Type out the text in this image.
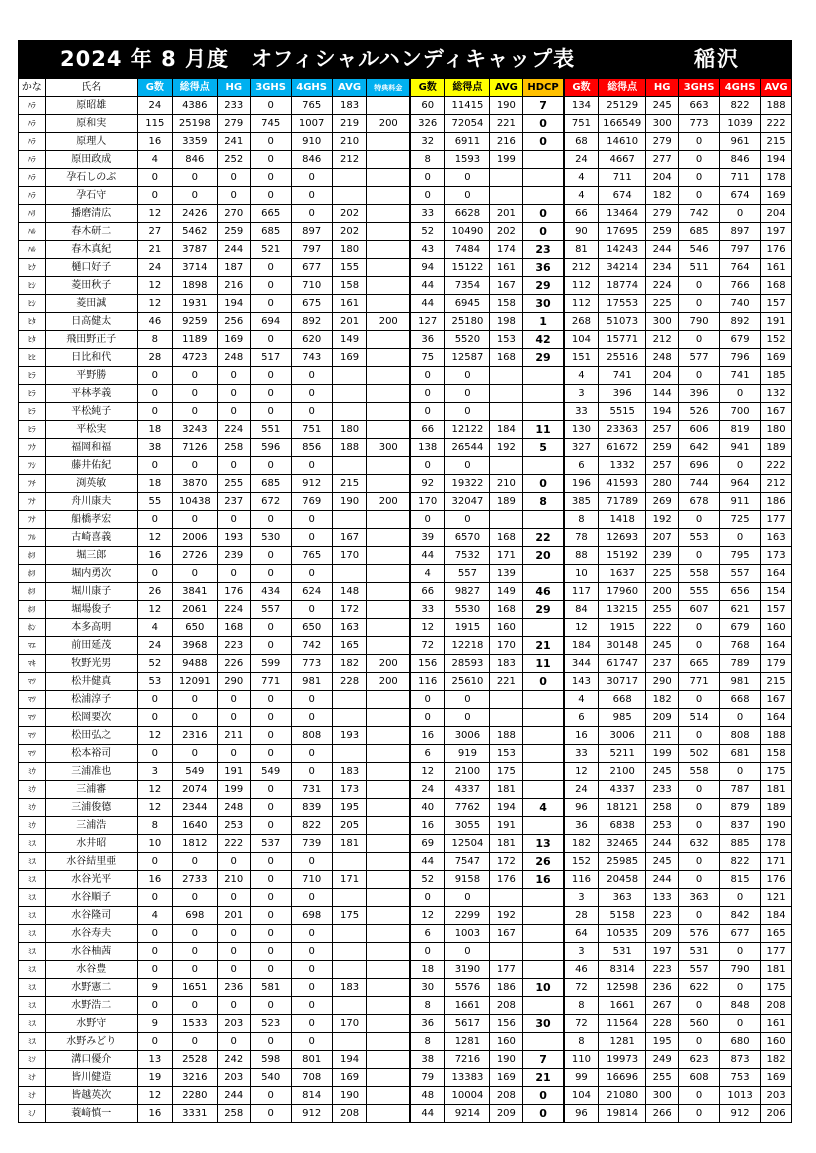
2024 年 8 月度　オフィシャルハンディキャップ表	稲沢
かな	氏名	G数	総得点	HG	3GHS	4GHS	AVG	特典料金	G数	総得点	AVG	HDCP	G数	総得点	HG	3GHS	4GHS	AVG
ﾊﾗ	原昭雄	24	4386	233	0	765	183		60	11415	190	7	134	25129	245	663	822	188
ﾊﾗ	原和実	115	25198	279	745	1007	219	200	326	72054	221	0	751	166549	300	773	1039	222
ﾊﾗ	原理人	16	3359	241	0	910	210		32	6911	216	0	68	14610	279	0	961	215
ﾊﾗ	原田政成	4	846	252	0	846	212		8	1593	199		24	4667	277	0	846	194
ﾊﾗ	孕石しのぶ	0	0	0	0	0			0	0			4	711	204	0	711	178
ﾊﾗ	孕石守	0	0	0	0	0			0	0			4	674	182	0	674	169
ﾊﾘ	播磨清広	12	2426	270	665	0	202		33	6628	201	0	66	13464	279	742	0	204
ﾊﾙ	春木研二	27	5462	259	685	897	202		52	10490	202	0	90	17695	259	685	897	197
ﾊﾙ	春木真紀	21	3787	244	521	797	180		43	7484	174	23	81	14243	244	546	797	176
ﾋｸ	樋口好子	24	3714	187	0	677	155		94	15122	161	36	212	34214	234	511	764	161
ﾋｼ	菱田秋子	12	1898	216	0	710	158		44	7354	167	29	112	18774	224	0	766	168
ﾋｼ	菱田誠	12	1931	194	0	675	161		44	6945	158	30	112	17553	225	0	740	157
ﾋﾀ	日高健太	46	9259	256	694	892	201	200	127	25180	198	1	268	51073	300	790	892	191
ﾋﾀ	飛田野正子	8	1189	169	0	620	149		36	5520	153	42	104	15771	212	0	679	152
ﾋﾋ	日比和代	28	4723	248	517	743	169		75	12587	168	29	151	25516	248	577	796	169
ﾋﾗ	平野勝	0	0	0	0	0			0	0			4	741	204	0	741	185
ﾋﾗ	平林孝義	0	0	0	0	0			0	0			3	396	144	396	0	132
ﾋﾗ	平松純子	0	0	0	0	0			0	0			33	5515	194	526	700	167
ﾋﾗ	平松実	18	3243	224	551	751	180		66	12122	184	11	130	23363	257	606	819	180
ﾌｸ	福岡和福	38	7126	258	596	856	188	300	138	26544	192	5	327	61672	259	642	941	189
ﾌｼ	藤井佑紀	0	0	0	0	0			0	0			6	1332	257	696	0	222
ﾌﾁ	渕英敏	18	3870	255	685	912	215		92	19322	210	0	196	41593	280	744	964	212
ﾌﾅ	舟川康夫	55	10438	237	672	769	190	200	170	32047	189	8	385	71789	269	678	911	186
ﾌﾅ	船橋孝宏	0	0	0	0	0			0	0			8	1418	192	0	725	177
ﾌﾙ	古崎喜義	12	2006	193	530	0	167		39	6570	168	22	78	12693	207	553	0	163
ﾎﾘ	堀三郎	16	2726	239	0	765	170		44	7532	171	20	88	15192	239	0	795	173
ﾎﾘ	堀内勇次	0	0	0	0	0			4	557	139		10	1637	225	558	557	164
ﾎﾘ	堀川康子	26	3841	176	434	624	148		66	9827	149	46	117	17960	200	555	656	154
ﾎﾘ	堀場俊子	12	2061	224	557	0	172		33	5530	168	29	84	13215	255	607	621	157
ﾎﾝ	本多高明	4	650	168	0	650	163		12	1915	160		12	1915	222	0	679	160
ﾏｴ	前田延茂	24	3968	223	0	742	165		72	12218	170	21	184	30148	245	0	768	164
ﾏｷ	牧野光男	52	9488	226	599	773	182	200	156	28593	183	11	344	61747	237	665	789	179
ﾏﾂ	松井健真	53	12091	290	771	981	228	200	116	25610	221	0	143	30717	290	771	981	215
ﾏﾂ	松浦淳子	0	0	0	0	0			0	0			4	668	182	0	668	167
ﾏﾂ	松岡要次	0	0	0	0	0			0	0			6	985	209	514	0	164
ﾏﾂ	松田弘之	12	2316	211	0	808	193		16	3006	188		16	3006	211	0	808	188
ﾏﾂ	松本裕司	0	0	0	0	0			6	919	153		33	5211	199	502	681	158
ﾐｳ	三浦准也	3	549	191	549	0	183		12	2100	175		12	2100	245	558	0	175
ﾐｳ	三浦審	12	2074	199	0	731	173		24	4337	181		24	4337	233	0	787	181
ﾐｳ	三浦俊德	12	2344	248	0	839	195		40	7762	194	4	96	18121	258	0	879	189
ﾐｳ	三浦浩	8	1640	253	0	822	205		16	3055	191		36	6838	253	0	837	190
ﾐｽ	水井昭	10	1812	222	537	739	181		69	12504	181	13	182	32465	244	632	885	178
ﾐｽ	水谷結里亜	0	0	0	0	0			44	7547	172	26	152	25985	245	0	822	171
ﾐｽ	水谷光平	16	2733	210	0	710	171		52	9158	176	16	116	20458	244	0	815	176
ﾐｽ	水谷順子	0	0	0	0	0			0	0			3	363	133	363	0	121
ﾐｽ	水谷隆司	4	698	201	0	698	175		12	2299	192		28	5158	223	0	842	184
ﾐｽ	水谷寿夫	0	0	0	0	0			6	1003	167		64	10535	209	576	677	165
ﾐｽ	水谷柚茜	0	0	0	0	0			0	0			3	531	197	531	0	177
ﾐｽ	水谷豊	0	0	0	0	0			18	3190	177		46	8314	223	557	790	181
ﾐｽ	水野憲二	9	1651	236	581	0	183		30	5576	186	10	72	12598	236	622	0	175
ﾐｽ	水野浩二	0	0	0	0	0			8	1661	208		8	1661	267	0	848	208
ﾐｽ	水野守	9	1533	203	523	0	170		36	5617	156	30	72	11564	228	560	0	161
ﾐｽ	水野みどり	0	0	0	0	0			8	1281	160		8	1281	195	0	680	160
ﾐｿ	溝口優介	13	2528	242	598	801	194		38	7216	190	7	110	19973	249	623	873	182
ﾐﾅ	皆川健造	19	3216	203	540	708	169		79	13383	169	21	99	16696	255	608	753	169
ﾐﾅ	皆越英次	12	2280	244	0	814	190		48	10004	208	0	104	21080	300	0	1013	203
ﾐﾉ	蓑﨑慎一	16	3331	258	0	912	208		44	9214	209	0	96	19814	266	0	912	206
